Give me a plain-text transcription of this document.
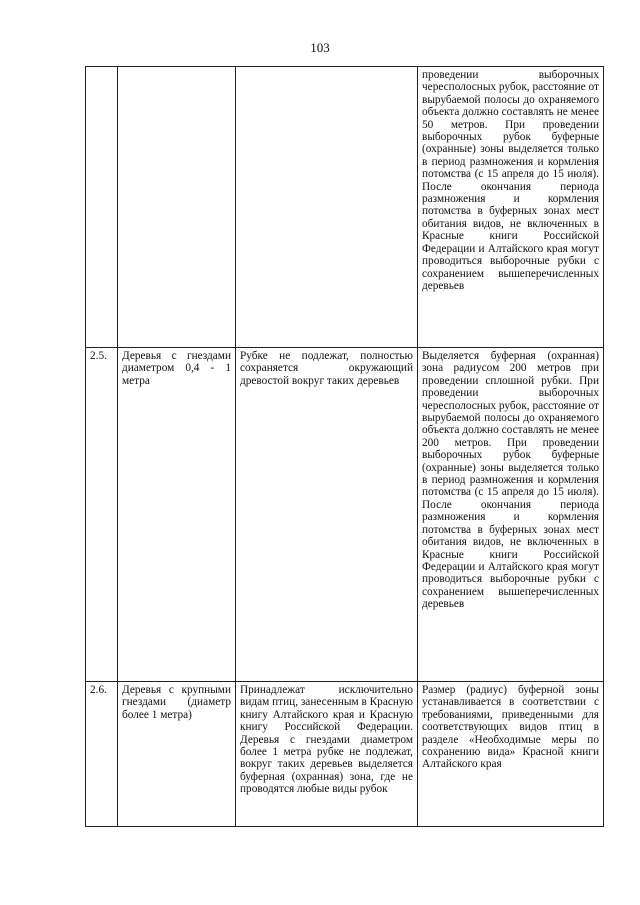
103
			проведении выборочных чересполосных рубок, расстояние от вырубаемой полосы до охраняемого объекта должно составлять не менее 50 метров. При проведении выборочных рубок буферные (охранные) зоны выделяется только в период размножения и кормления потомства (с 15 апреля до 15 июля). После окончания периода размножения и кормления потомства в буферных зонах мест обитания видов, не включенных в Красные книги Российской Федерации и Алтайского края могут проводиться выборочные рубки с сохранением вышеперечисленных деревьев
2.5.	Деревья с гнездами диаметром 0,4 - 1 метра	Рубке не подлежат, полностью сохраняется окружающий древостой вокруг таких деревьев	Выделяется буферная (охранная) зона радиусом 200 метров при проведении сплошной рубки. При проведении выборочных чересполосных рубок, расстояние от вырубаемой полосы до охраняемого объекта должно составлять не менее 200 метров. При проведении выборочных рубок буферные (охранные) зоны выделяется только в период размножения и кормления потомства (с 15 апреля до 15 июля). После окончания периода размножения и кормления потомства в буферных зонах мест обитания видов, не включенных в Красные книги Российской Федерации и Алтайского края могут проводиться выборочные рубки с сохранением вышеперечисленных деревьев
2.6.	Деревья с крупными гнездами (диаметр более 1 метра)	Принадлежат исключительно видам птиц, занесенным в Красную книгу Алтайского края и Красную книгу Российской Федерации. Деревья с гнездами диаметром более 1 метра рубке не подлежат, вокруг таких деревьев выделяется буферная (охранная) зона, где не проводятся любые виды рубок	Размер (радиус) буферной зоны устанавливается в соответствии с требованиями, приведенными для соответствующих видов птиц в разделе «Необходимые меры по сохранению вида» Красной книги Алтайского края
